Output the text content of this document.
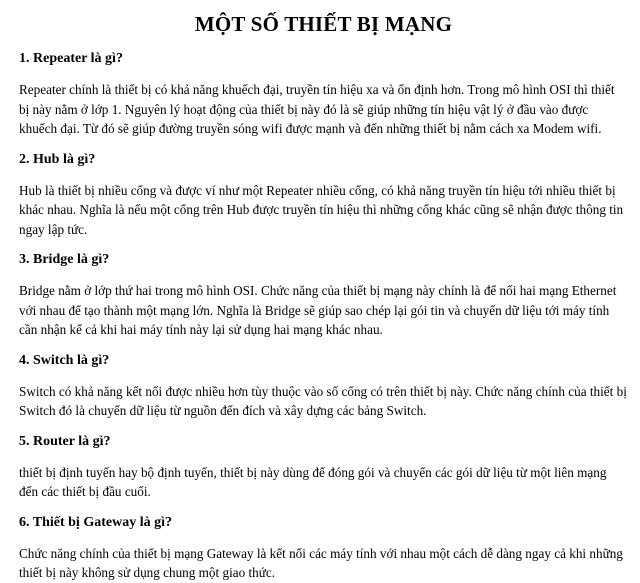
MỘT SỐ THIẾT BỊ MẠNG
1. Repeater là gì?

Repeater chính là thiết bị có khả năng khuếch đại, truyền tín hiệu xa và ổn định hơn. Trong mô hình OSI thì thiết bị này nằm ở lớp 1. Nguyên lý hoạt động của thiết bị này đó là sẽ giúp những tín hiệu vật lý ở đầu vào được khuếch đại. Từ đó sẽ giúp đường truyền sóng wifi được mạnh và đến những thiết bị nằm cách xa Modem wifi.

2. Hub là gì?

Hub là thiết bị nhiều cổng và được ví như một Repeater nhiều cổng, có khả năng truyền tín hiệu tới nhiều thiết bị khác nhau. Nghĩa là nếu một cổng trên Hub được truyền tín hiệu thì những cổng khác cũng sẽ nhận được thông tin ngay lập tức.

3. Bridge là gì?

Bridge nằm ở lớp thứ hai trong mô hình OSI. Chức năng của thiết bị mạng này chính là để nối hai mạng Ethernet với nhau để tạo thành một mạng lớn. Nghĩa là Bridge sẽ giúp sao chép lại gói tin và chuyển dữ liệu tới máy tính cần nhận kể cả khi hai máy tính này lại sử dụng hai mạng khác nhau.

4. Switch là gì?

Switch có khả năng kết nối được nhiều hơn tùy thuộc vào số cổng có trên thiết bị này. Chức năng chính của thiết bị Switch đó là chuyển dữ liệu từ nguồn đến đích và xây dựng các bảng Switch.

5. Router là gì?

thiết bị định tuyến hay bộ định tuyến, thiết bị này dùng để đóng gói và chuyển các gói dữ liệu từ một liên mạng đến các thiết bị đầu cuối.

6. Thiết bị Gateway là gì?

Chức năng chính của thiết bị mạng Gateway là kết nối các máy tính với nhau một cách dễ dàng ngay cả khi những thiết bị này không sử dụng chung một giao thức.
